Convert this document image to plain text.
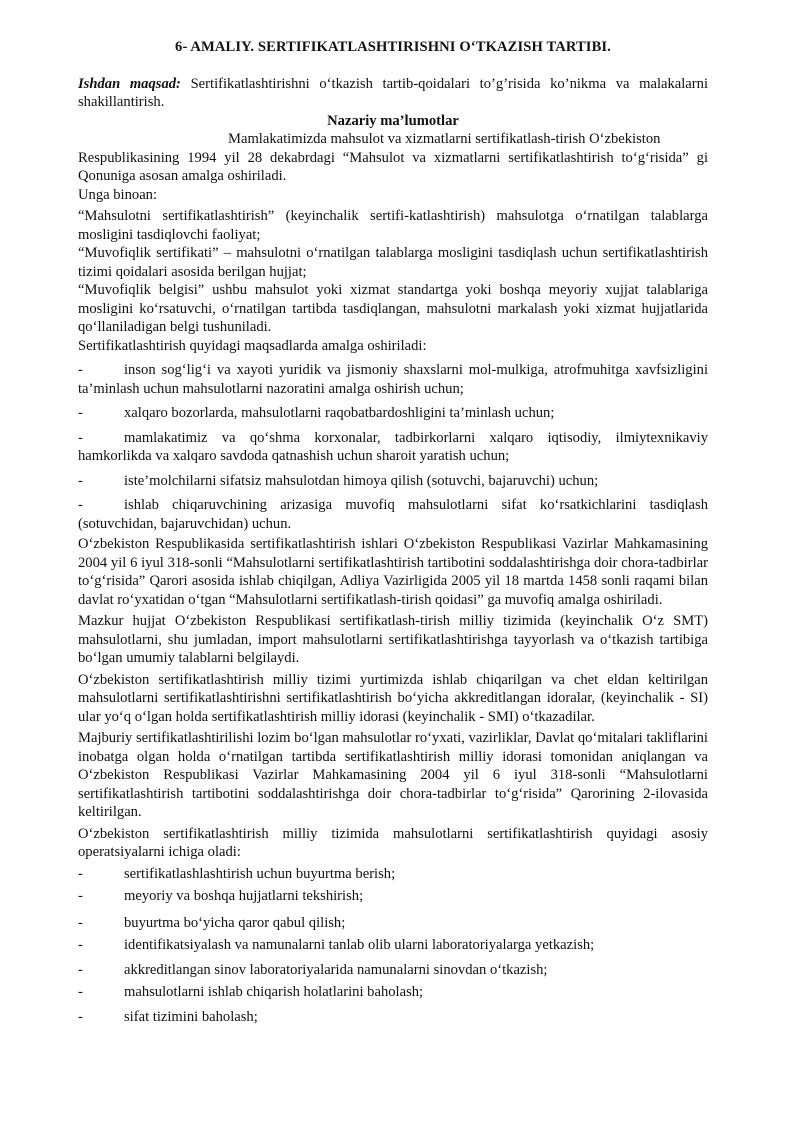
6- AMALIY. SERTIFIKATLASHTIRISHNI O‘TKAZISH TARTIBI.

Ishdan maqsad: Sertifikatlashtirishni o‘tkazish tartib-qoidalari to’g’risida ko’nikma va malakalarni shakillantirish.

Nazariy ma’lumotlar

Mamlakatimizda mahsulot va xizmatlarni sertifikatlash-tirish O‘zbekiston

Respublikasining 1994 yil 28 dekabrdagi “Mahsulot va xizmatlarni sertifikatlashtirish to‘g‘risida” gi Qonuniga asosan amalga oshiriladi.

Unga binoan:

“Mahsulotni sertifikatlashtirish” (keyinchalik sertifi-katlashtirish) mahsulotga o‘rnatilgan talablarga mosligini tasdiqlovchi faoliyat;

“Muvofiqlik sertifikati” – mahsulotni o‘rnatilgan talablarga mosligini tasdiqlash uchun sertifikatlashtirish tizimi qoidalari asosida berilgan hujjat;

“Muvofiqlik belgisi” ushbu mahsulot yoki xizmat standartga yoki boshqa meyoriy xujjat talablariga mosligini ko‘rsatuvchi, o‘rnatilgan tartibda tasdiqlangan, mahsulotni markalash yoki xizmat hujjatlarida qo‘llaniladigan belgi tushuniladi.

Sertifikatlashtirish quyidagi maqsadlarda amalga oshiriladi:

-	inson sog‘lig‘i va xayoti yuridik va jismoniy shaxslarni mol-mulkiga, atrofmuhitga xavfsizligini ta’minlash uchun mahsulotlarni nazoratini amalga oshirish uchun;

-	xalqaro bozorlarda, mahsulotlarni raqobatbardoshligini ta’minlash uchun;

-	mamlakatimiz va qo‘shma korxonalar, tadbirkorlarni xalqaro iqtisodiy, ilmiytexnikaviy hamkorlikda va xalqaro savdoda qatnashish uchun sharoit yaratish uchun;

-	iste’molchilarni sifatsiz mahsulotdan himoya qilish (sotuvchi, bajaruvchi) uchun;

-	ishlab chiqaruvchining arizasiga muvofiq mahsulotlarni sifat ko‘rsatkichlarini tasdiqlash (sotuvchidan, bajaruvchidan) uchun.

O‘zbekiston Respublikasida sertifikatlashtirish ishlari O‘zbekiston Respublikasi Vazirlar Mahkamasining 2004 yil 6 iyul 318-sonli “Mahsulotlarni sertifikatlashtirish tartibotini soddalashtirishga doir chora-tadbirlar to‘g‘risida” Qarori asosida ishlab chiqilgan, Adliya Vazirligida 2005 yil 18 martda 1458 sonli raqami bilan davlat ro‘yxatidan o‘tgan “Mahsulotlarni sertifikatlash-tirish qoidasi” ga muvofiq amalga oshiriladi.

Mazkur hujjat O‘zbekiston Respublikasi sertifikatlash-tirish milliy tizimida (keyinchalik O‘z SMT) mahsulotlarni, shu jumladan, import mahsulotlarni sertifikatlashtirishga tayyorlash va o‘tkazish tartibiga bo‘lgan umumiy talablarni belgilaydi.

O‘zbekiston sertifikatlashtirish milliy tizimi yurtimizda ishlab chiqarilgan va chet eldan keltirilgan mahsulotlarni sertifikatlashtirishni sertifikatlashtirish bo‘yicha akkreditlangan idoralar, (keyinchalik - SI) ular yo‘q o‘lgan holda sertifikatlashtirish milliy idorasi (keyinchalik - SMI) o‘tkazadilar.

Majburiy sertifikatlashtirilishi lozim bo‘lgan mahsulotlar ro‘yxati, vazirliklar, Davlat qo‘mitalari takliflarini inobatga olgan holda o‘rnatilgan tartibda sertifikatlashtirish milliy idorasi tomonidan aniqlangan va O‘zbekiston Respublikasi Vazirlar Mahkamasining 2004 yil 6 iyul 318-sonli “Mahsulotlarni sertifikatlashtirish tartibotini soddalashtirishga doir chora-tadbirlar to‘g‘risida” Qarorining 2-ilovasida keltirilgan.

O‘zbekiston sertifikatlashtirish milliy tizimida mahsulotlarni sertifikatlashtirish quyidagi asosiy operatsiyalarni ichiga oladi:

-	sertifikatlashlashtirish uchun buyurtma berish;
-	meyoriy va boshqa hujjatlarni tekshirish;
-	buyurtma bo‘yicha qaror qabul qilish;
-	identifikatsiyalash va namunalarni tanlab olib ularni laboratoriyalarga yetkazish;
-	akkreditlangan sinov laboratoriyalarida namunalarni sinovdan o‘tkazish;
-	mahsulotlarni ishlab chiqarish holatlarini baholash;
-	sifat tizimini baholash;
